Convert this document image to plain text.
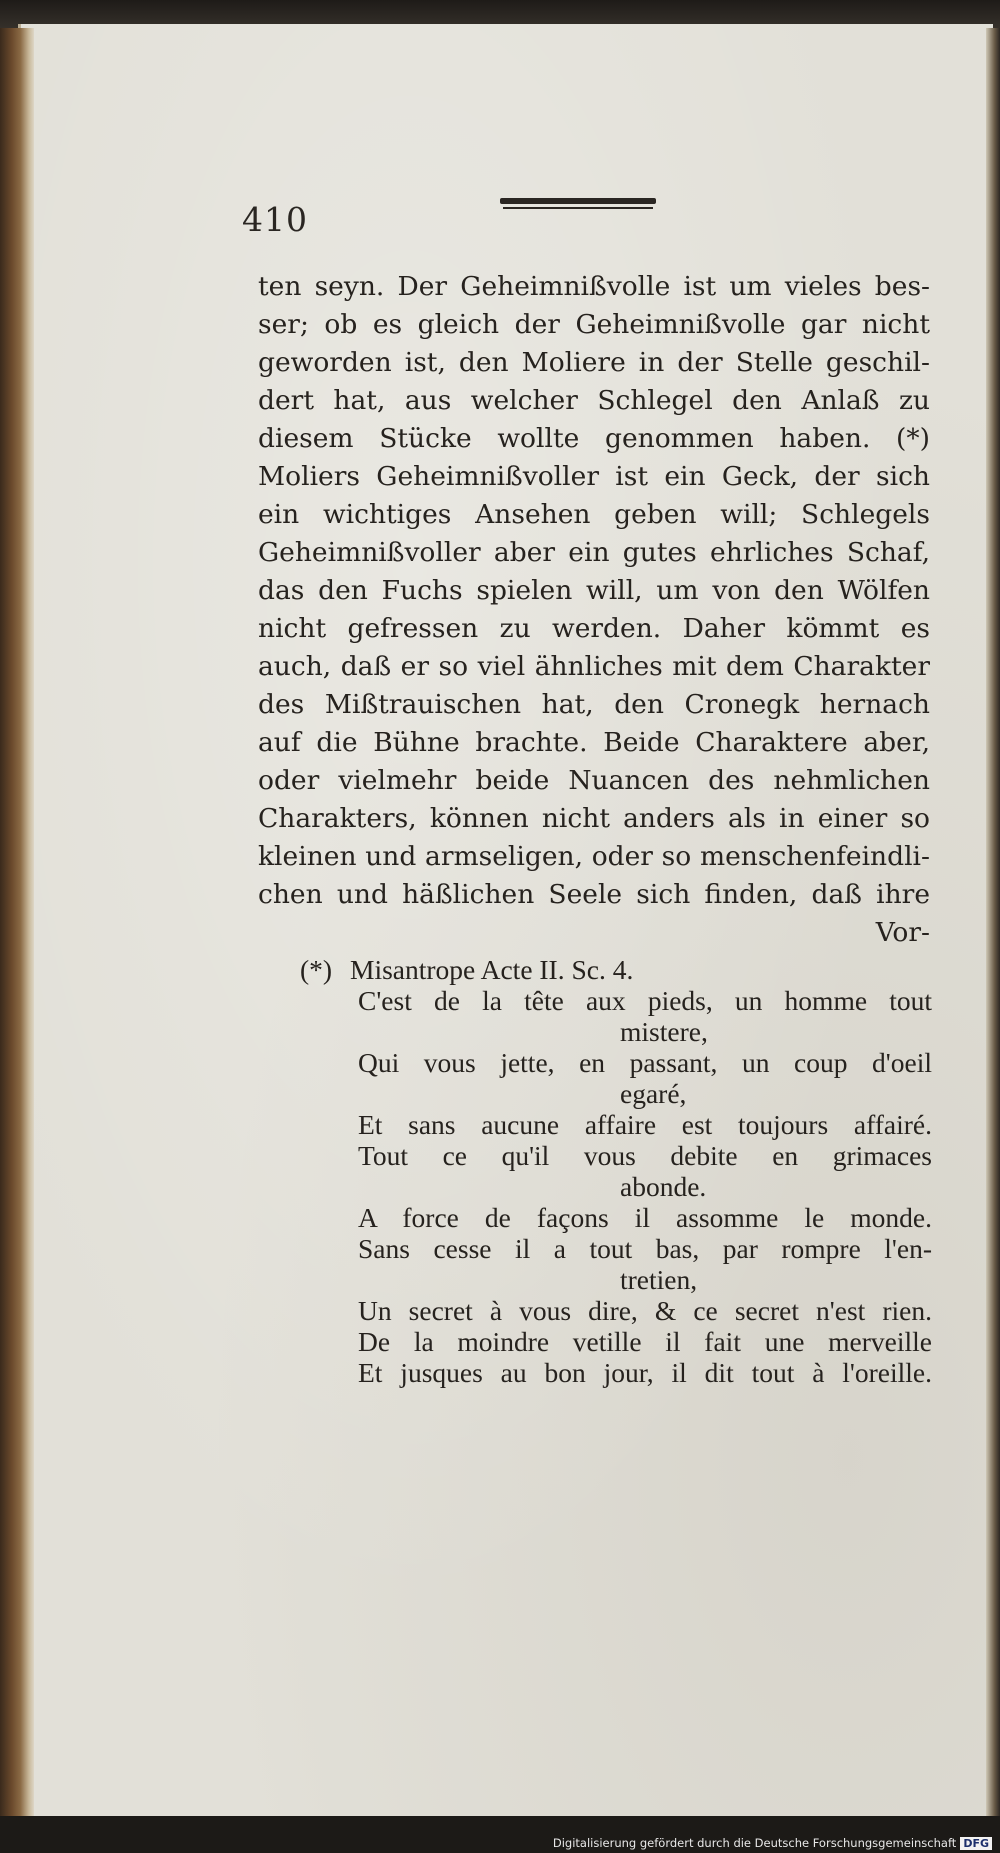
410
ten seyn. Der Geheimnißvolle ist um vieles bes-
ser; ob es gleich der Geheimnißvolle gar nicht
geworden ist, den Moliere in der Stelle geschil-
dert hat, aus welcher Schlegel den Anlaß zu
diesem Stücke wollte genommen haben. (*)
Moliers Geheimnißvoller ist ein Geck, der sich
ein wichtiges Ansehen geben will; Schlegels
Geheimnißvoller aber ein gutes ehrliches Schaf,
das den Fuchs spielen will, um von den Wölfen
nicht gefressen zu werden. Daher kömmt es
auch, daß er so viel ähnliches mit dem Charakter
des Mißtrauischen hat, den Cronegk hernach
auf die Bühne brachte. Beide Charaktere aber,
oder vielmehr beide Nuancen des nehmlichen
Charakters, können nicht anders als in einer so
kleinen und armseligen, oder so menschenfeindli-
chen und häßlichen Seele sich finden, daß ihre
Vor-
(*) Misantrope Acte II. Sc. 4.
C'est de la tête aux pieds, un homme tout
mistere,
Qui vous jette, en passant, un coup d'oeil
egaré,
Et sans aucune affaire est toujours affairé.
Tout ce qu'il vous debite en grimaces
abonde.
A force de façons il assomme le monde.
Sans cesse il a tout bas, par rompre l'en-
tretien,
Un secret à vous dire, & ce secret n'est rien.
De la moindre vetille il fait une merveille
Et jusques au bon jour, il dit tout à l'oreille.
Digitalisierung gefördert durch die Deutsche Forschungsgemeinschaft DFG
